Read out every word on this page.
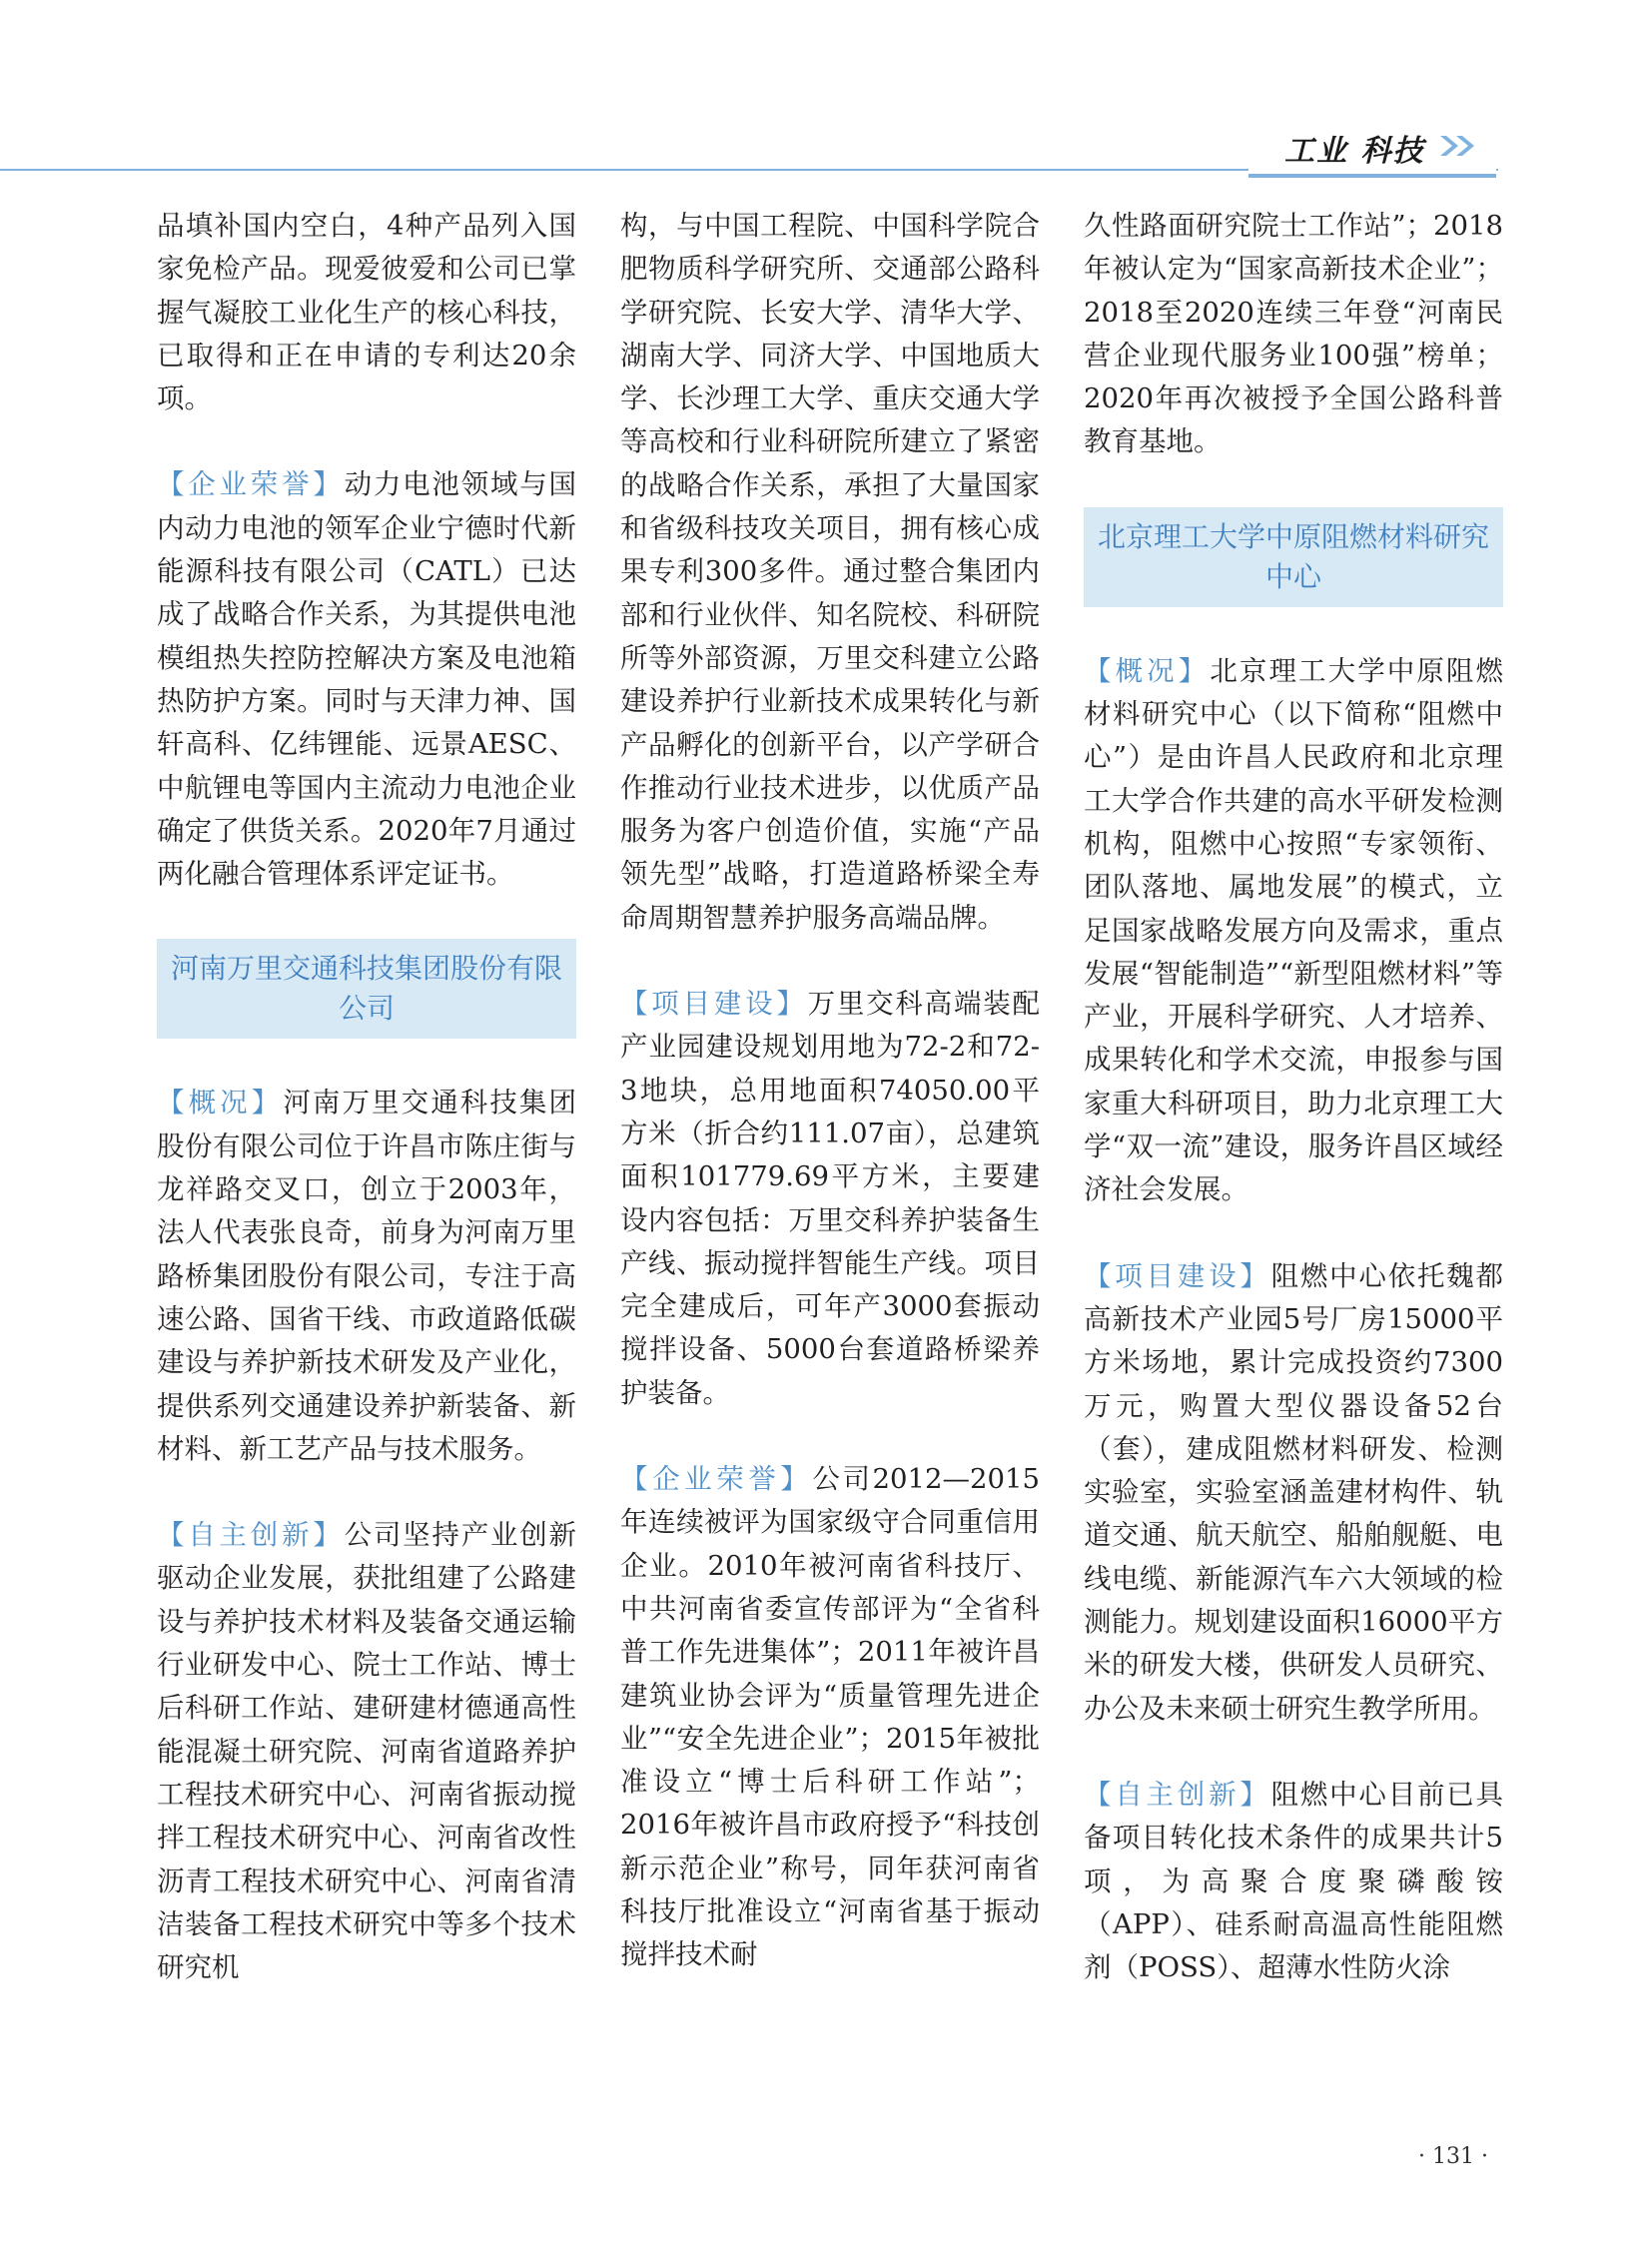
工业 科技

品填补国内空白，4种产品列入国家免检产品。现爱彼爱和公司已掌握气凝胶工业化生产的核心科技，已取得和正在申请的专利达20余项。

【企业荣誉】动力电池领域与国内动力电池的领军企业宁德时代新能源科技有限公司（CATL）已达成了战略合作关系，为其提供电池模组热失控防控解决方案及电池箱热防护方案。同时与天津力神、国轩高科、亿纬锂能、远景AESC、中航锂电等国内主流动力电池企业确定了供货关系。2020年7月通过两化融合管理体系评定证书。

河南万里交通科技集团股份有限公司

【概况】河南万里交通科技集团股份有限公司位于许昌市陈庄街与龙祥路交叉口，创立于2003年，法人代表张良奇，前身为河南万里路桥集团股份有限公司，专注于高速公路、国省干线、市政道路低碳建设与养护新技术研发及产业化，提供系列交通建设养护新装备、新材料、新工艺产品与技术服务。

【自主创新】公司坚持产业创新驱动企业发展，获批组建了公路建设与养护技术材料及装备交通运输行业研发中心、院士工作站、博士后科研工作站、建研建材德通高性能混凝土研究院、河南省道路养护工程技术研究中心、河南省振动搅拌工程技术研究中心、河南省改性沥青工程技术研究中心、河南省清洁装备工程技术研究中等多个技术研究机

构，与中国工程院、中国科学院合肥物质科学研究所、交通部公路科学研究院、长安大学、清华大学、湖南大学、同济大学、中国地质大学、长沙理工大学、重庆交通大学等高校和行业科研院所建立了紧密的战略合作关系，承担了大量国家和省级科技攻关项目，拥有核心成果专利300多件。通过整合集团内部和行业伙伴、知名院校、科研院所等外部资源，万里交科建立公路建设养护行业新技术成果转化与新产品孵化的创新平台，以产学研合作推动行业技术进步，以优质产品服务为客户创造价值，实施“产品领先型”战略，打造道路桥梁全寿命周期智慧养护服务高端品牌。

【项目建设】万里交科高端装配产业园建设规划用地为72-2和72-3地块，总用地面积74050.00平方米（折合约111.07亩），总建筑面积101779.69平方米，主要建设内容包括：万里交科养护装备生产线、振动搅拌智能生产线。项目完全建成后，可年产3000套振动搅拌设备、5000台套道路桥梁养护装备。

【企业荣誉】公司2012—2015年连续被评为国家级守合同重信用企业。2010年被河南省科技厅、中共河南省委宣传部评为“全省科普工作先进集体”；2011年被许昌建筑业协会评为“质量管理先进企业”“安全先进企业”；2015年被批准设立“博士后科研工作站”；2016年被许昌市政府授予“科技创新示范企业”称号，同年获河南省科技厅批准设立“河南省基于振动搅拌技术耐

久性路面研究院士工作站”；2018年被认定为“国家高新技术企业”；2018至2020连续三年登“河南民营企业现代服务业100强”榜单；2020年再次被授予全国公路科普教育基地。

北京理工大学中原阻燃材料研究中心

【概况】北京理工大学中原阻燃材料研究中心（以下简称“阻燃中心”）是由许昌人民政府和北京理工大学合作共建的高水平研发检测机构，阻燃中心按照“专家领衔、团队落地、属地发展”的模式，立足国家战略发展方向及需求，重点发展“智能制造”“新型阻燃材料”等产业，开展科学研究、人才培养、成果转化和学术交流，申报参与国家重大科研项目，助力北京理工大学“双一流”建设，服务许昌区域经济社会发展。

【项目建设】阻燃中心依托魏都高新技术产业园5号厂房15000平方米场地，累计完成投资约7300万元，购置大型仪器设备52台（套），建成阻燃材料研发、检测实验室，实验室涵盖建材构件、轨道交通、航天航空、船舶舰艇、电线电缆、新能源汽车六大领域的检测能力。规划建设面积16000平方米的研发大楼，供研发人员研究、办公及未来硕士研究生教学所用。

【自主创新】阻燃中心目前已具备项目转化技术条件的成果共计5项，为高聚合度聚磷酸铵（APP）、硅系耐高温高性能阻燃剂（POSS）、超薄水性防火涂

· 131 ·
